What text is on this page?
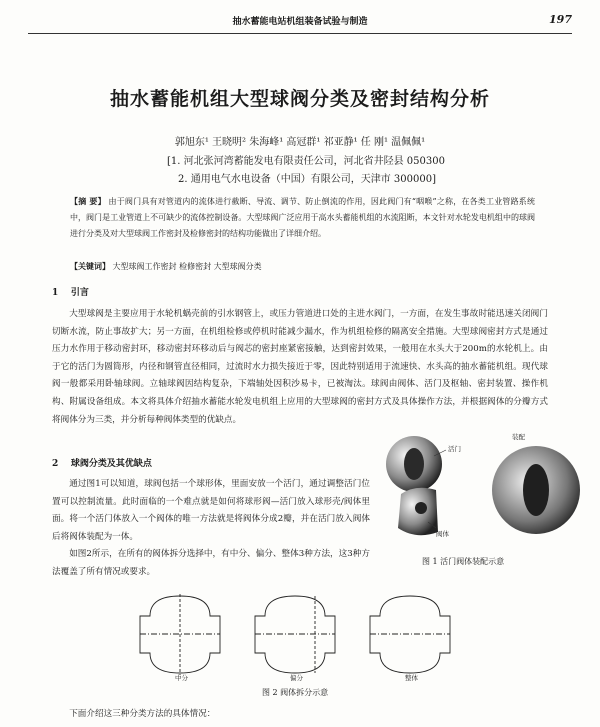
抽水蓄能电站机组装备试验与制造	197
抽水蓄能机组大型球阀分类及密封结构分析
郭旭东¹ 王晓明² 朱海峰¹ 高冠群¹ 祁亚静¹ 任 刚¹ 温佩佩¹
[1. 河北张河湾蓄能发电有限责任公司，河北省井陉县 050300
2. 通用电气水电设备（中国）有限公司，天津市 300000]
【摘 要】 由于阀门具有对管道内的流体进行截断、导流、调节、防止倒流的作用，因此阀门有“咽喉”之称，在各类工业管路系统中，阀门是工业管道上不可缺少的流体控制设备。大型球阀广泛应用于高水头蓄能机组的水流阻断，本文针对水轮发电机组中的球阀进行分类及对大型球阀工作密封及检修密封的结构功能做出了详细介绍。
【关键词】 大型球阀工作密封 检修密封 大型球阀分类
1 引言

大型球阀是主要应用于水轮机蜗壳前的引水钢管上，或压力管道进口处的主进水阀门，一方面，在发生事故时能迅速关闭阀门切断水流，防止事故扩大；另一方面，在机组检修或停机时能减少漏水，作为机组检修的隔离安全措施。大型球阀密封方式是通过压力水作用于移动密封环，移动密封环移动后与阀芯的密封座紧密接触，达到密封效果，一般用在水头大于200m的水轮机上。由于它的活门为圆筒形，内径和钢管直径相同，过流时水力损失接近于零，因此特别适用于流速快、水头高的抽水蓄能机组。现代球阀一般都采用卧轴球阀。立轴球阀因结构复杂，下端轴处因积沙易卡，已被淘汰。球阀由阀体、活门及枢轴、密封装置、操作机构、附属设备组成。本文将具体介绍抽水蓄能水轮发电机组上应用的大型球阀的密封方式及具体操作方法，并根据阀体的分瓣方式将阀体分为三类，并分析每种阀体类型的优缺点。

2 球阀分类及其优缺点

通过图1可以知道，球阀包括一个球形体，里面安放一个活门，通过调整活门位置可以控制流量。此时面临的一个难点就是如何将球形阀—活门放入球形壳/阀体里面。将一个活门体放入一个阀体的唯一方法就是将阀体分成2瓣，并在活门放入阀体后将阀体装配为一体。

如图2所示，在所有的阀体拆分选择中，有中分、偏分、整体3种方法，这3种方法覆盖了所有情况或要求。

活门
装配
阀体
图 1 活门阀体装配示意
中分	偏分	整体
图 2 阀体拆分示意

下面介绍这三种分类方法的具体情况：
